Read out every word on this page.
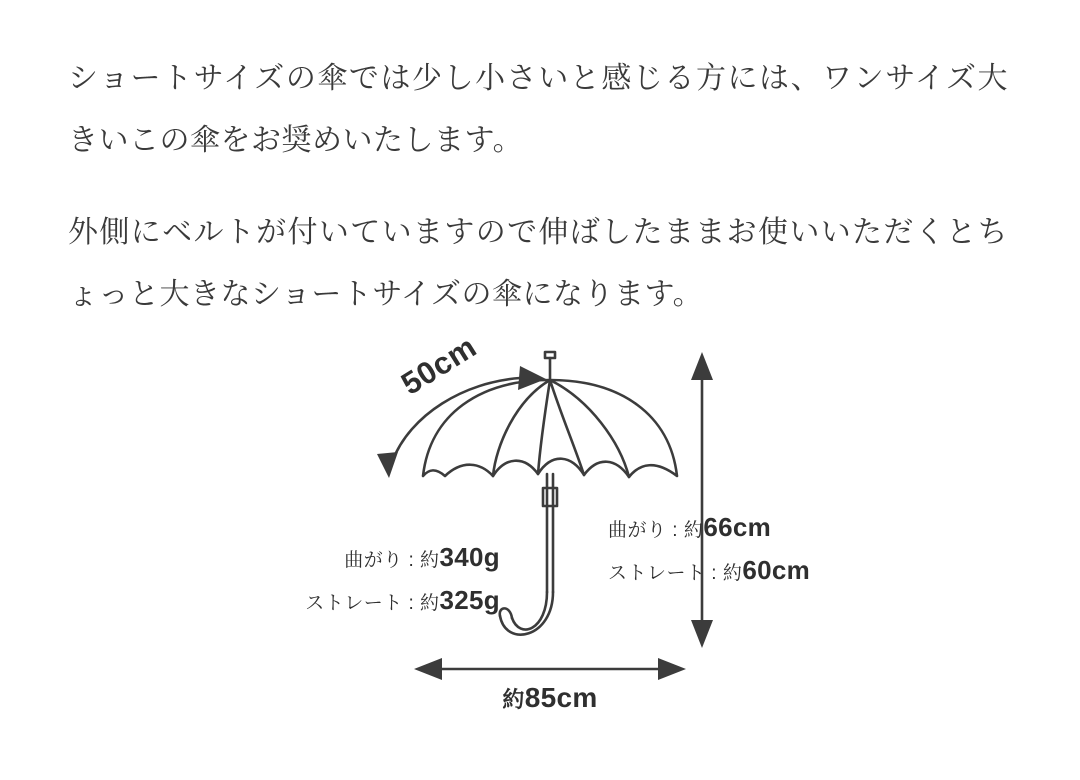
ショートサイズの傘では少し小さいと感じる方には、ワンサイズ大きいこの傘をお奨めいたします。

外側にベルトが付いていますので伸ばしたままお使いいただくとちょっと大きなショートサイズの傘になります。

50cm
曲がり : 約66cm
ストレート : 約60cm
曲がり : 約340g
ストレート : 約325g
約85cm
